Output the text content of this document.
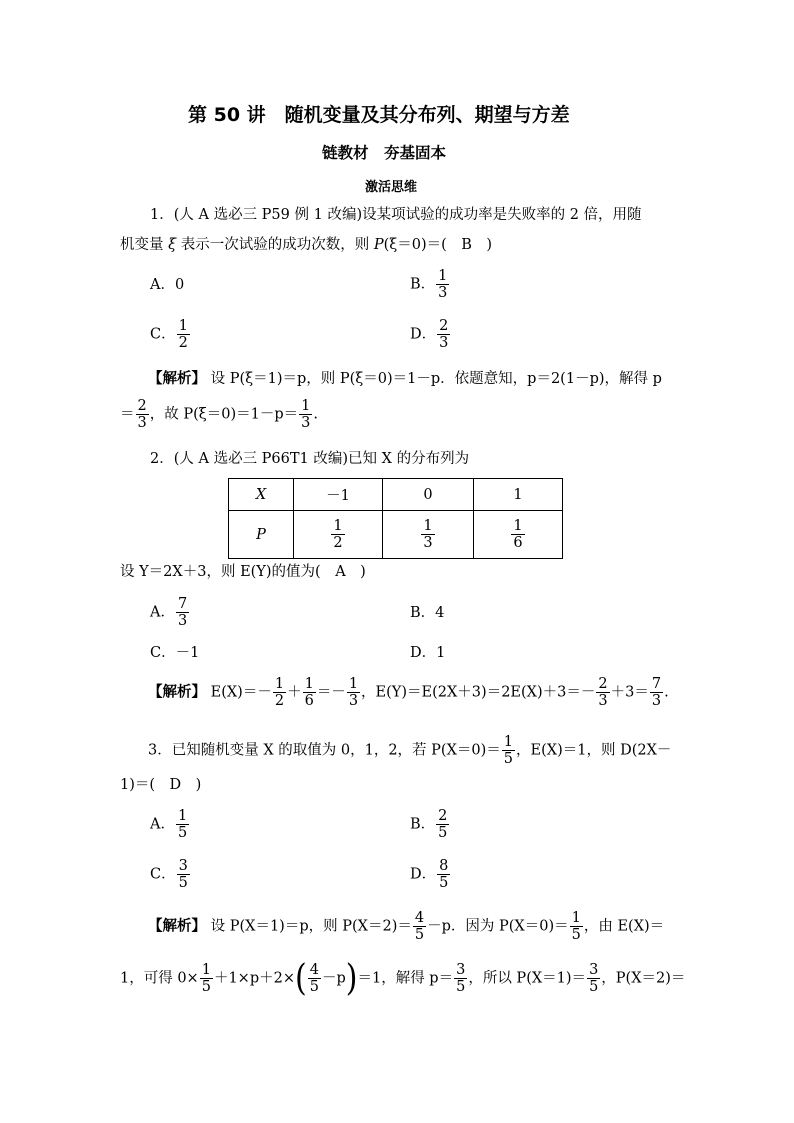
第 50 讲　随机变量及其分布列、期望与方差
链教材　夯基固本
激活思维
1．(人 A 选必三 P59 例 1 改编)设某项试验的成功率是失败率的 2 倍，用随
机变量 ξ 表示一次试验的成功次数，则 P(ξ＝0)＝(　B　)
A．0	B． $\frac{1}{3}$
C． $\frac{1}{2}$	D． $\frac{2}{3}$
【解析】 设 P(ξ＝1)＝p，则 P(ξ＝0)＝1－p．依题意知，p＝2(1－p)，解得 p
＝ $\frac{2}{3}$ ，故 $P(\xi=0)=1-p= \frac{1}{3}$ .
2．(人 A 选必三 P66T1 改编)已知 X 的分布列为
X	－1	0	1
P	$\frac{1}{2}$	$\frac{1}{3}$	$\frac{1}{6}$
设 Y＝2X＋3，则 E(Y)的值为(　A　)
A． $\frac{7}{3}$	B．4
C．－1	D．1
【解析】 $E(X)=- \frac{1}{2} + \frac{1}{6} =- \frac{1}{3}$ ，$E(Y)=E(2X+3)=2E(X)+3=- \frac{2}{3} +3= \frac{7}{3}$ .
3．已知随机变量 X 的取值为 0，1，2，若 $P(X=0)= \frac{1}{5}$ ，E(X)＝1，则 D(2X－
1)＝(　D　)
A． $\frac{1}{5}$	B． $\frac{2}{5}$
C． $\frac{3}{5}$	D． $\frac{8}{5}$
【解析】 设 P(X＝1)＝p，则 $P(X=2)= \frac{4}{5} -p$．因为 $P(X=0)= \frac{1}{5}$ ，由 E(X)＝
1，可得 $0\times \frac{1}{5} +1\times p+2\times( \frac{4}{5} -p)=1$，解得 $p= \frac{3}{5}$ ，所以 $P(X=1)= \frac{3}{5}$ ，P(X＝2)＝
